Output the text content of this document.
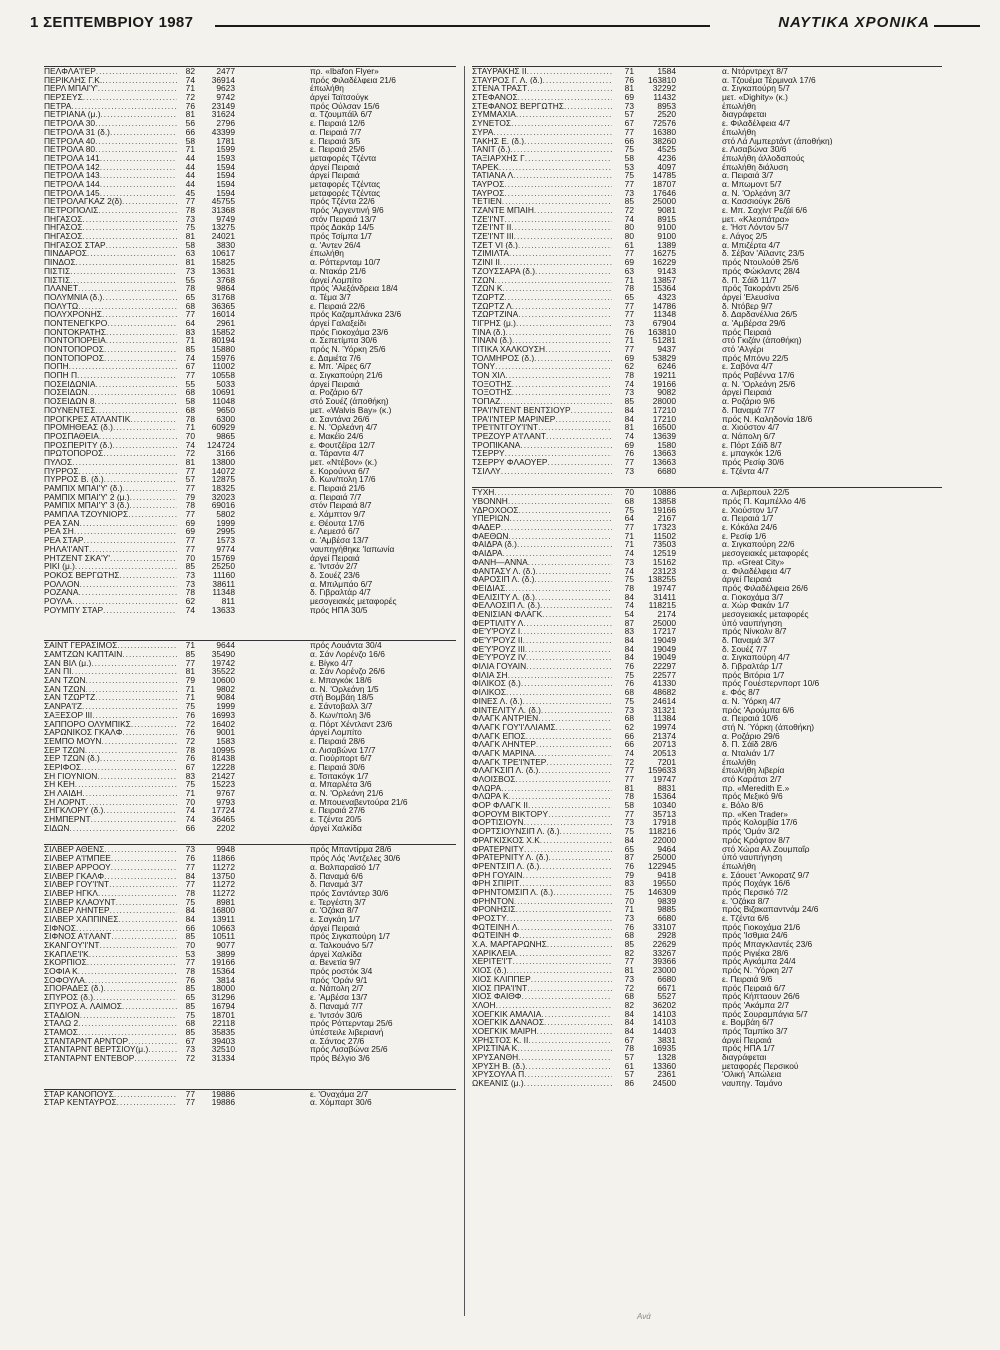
1 ΣΕΠΤΕΜΒΡΙΟΥ 1987	ΝΑΥΤΙΚΑ ΧΡΟΝΙΚΑ
ΠΕΛΦΛΑ'Ι'ΕΡ .....	82	2477	πρ. «Ibafon Flyer»
ΠΕΡΙΚΛΗΣ Γ.Κ. .....	74	36914	πρός Φιλαδέλφεια 21/6
ΠΕΡΛ ΜΠΑΙ'Υ' .....	71	9623	έπωλήθη
ΠΕΡΣΕΥΣ .....	72	9742	άργεί Ταϊτσούγκ
ΠΕΤΡΑ .....	76	23149	πρός Ούλσαν 15/6
ΠΕΤΡΙΑΝΑ (μ.) .....	81	31624	α. Τζουμπάϊλ 6/7
ΠΕΤΡΟΛΑ 30 .....	56	2796	ε. Πειραιά 12/6
ΠΕΤΡΟΛΑ 31 (δ.) .....	66	43399	α. Πειραιά 7/7
ΠΕΤΡΟΛΑ 40 .....	58	1781	ε. Πειραιά 3/5
ΠΕΤΡΟΛΑ 80 .....	71	1599	ε. Πειραιά 25/6
ΠΕΤΡΟΛΑ 141 .....	44	1593	μεταφορές Τζέντα
ΠΕΤΡΟΛΑ 142 .....	44	1594	άργεί Πειραιά
ΠΕΤΡΟΛΑ 143 .....	44	1594	άργεί Πειραιά
ΠΕΤΡΟΛΑ 144 .....	44	1594	μεταφορές Τζέντας
ΠΕΤΡΟΛΑ 145 .....	45	1594	μεταφορές Τζέντας
ΠΕΤΡΟΛΑΓΚΑΖ 2(δ) .....	77	45755	πρός Τζέντα 22/6
ΠΕΤΡΟΠΟΛΙΣ .....	78	31368	πρός 'Αργεντινή 9/6
ΠΗΓΑΣΟΣ .....	73	9749	στόν Πειραιά 13/7
ΠΗΓΑΣΟΣ .....	75	13275	πρός Δακάρ 14/5
ΠΗΓΑΣΟΣ .....	81	24021	πρός Τσίμπα 1/7
ΠΗΓΑΣΟΣ ΣΤΑΡ .....	58	3830	α. 'Αντεν 26/4
ΠΙΝΔΑΡΟΣ .....	63	10617	έπωλήθη
ΠΙΝΔΟΣ .....	81	15825	α. Ρόττερνταμ 10/7
ΠΙΣΤΙΣ .....	73	13631	α. Ντακάρ 21/6
ΠΙΣΤΙΣ .....	55	3768	άργεί Λομπίτο
ΠΛΑΝΕΤ .....	78	9864	πρός 'Αλεξάνδρεια 18/4
ΠΟΛΥΜΝΙΑ (δ.) .....	65	31768	α. Τέμα 3/7
ΠΟΛΥΤΩ .....	68	36365	ε. Πειραιά 22/6
ΠΟΛΥΧΡΟΝΗΣ .....	77	16014	πρός Καζαμπλάνκα 23/6
ΠΟΝΤΕΝΕΓΚΡΟ .....	64	2961	άργεί Γαλαξείδι
ΠΟΝΤΟΚΡΑΤΗΣ .....	83	15852	πρός Γιοκοχάμα 23/6
ΠΟΝΤΟΠΟΡΕΙΑ .....	71	80194	α. Σεπετίμπα 30/6
ΠΟΝΤΟΠΟΡΟΣ .....	85	15880	πρός Ν. Ύόρκη 25/6
ΠΟΝΤΟΠΟΡΟΣ .....	74	15976	ε. Δαμιέτα 7/6
ΠΟΠΗ .....	67	11002	ε. Μπ. 'Αϊρες 6/7
ΠΟΠΗ Π .....	77	10558	α. Σιγκαπούρη 21/6
ΠΟΣΕΙΔΩΝΙΑ .....	55	5033	άργεί Πειραιά
ΠΟΣΕΙΔΩΝ .....	68	10691	α. Ροζάριο 6/7
ΠΟΣΕΙΔΩΝ 8 .....	58	11048	στό Σουέζ (άποθήκη)
ΠΟΥΝΕΝΤΕΣ .....	68	9650	μετ. «Walvis Bay» (κ.)
ΠΡΟΓΚΡΕΣ ΑΤΛΑΝΤΙΚ .....	78	6300	α. Σαντάνα 26/6
ΠΡΟΜΗΘΕΑΣ (δ.) .....	71	60929	ε. Ν. 'Ορλεάνη 4/7
ΠΡΟΣΠΑΘΕΙΑ .....	70	9865	ε. Μακέϊο 24/6
ΠΡΟΣΠΕΡΙΤΥ (δ.) .....	74	124724	ε. Φουτζέϊρα 12/7
ΠΡΩΤΟΠΟΡΟΣ .....	72	3166	α. Τάραντα 4/7
ΠΥΛΟΣ .....	81	13800	μετ. «Ντέβον» (κ.)
ΠΥΡΡΟΣ .....	77	14072	ε. Κορούννα 6/7
ΠΥΡΡΟΣ Β. (δ.) .....	57	12875	δ. Κων/πολη 17/6
ΡΑΜΠΙΧ ΜΠΑΙ'Υ' (δ.) .....	77	18325	ε. Πειραιά 21/6
ΡΑΜΠΙΧ ΜΠΑΙ'Υ' 2 (μ.) .....	79	32023	α. Πειραιά 7/7
ΡΑΜΠΙΧ ΜΠΑΙ'Υ' 3 (δ.) .....	78	69016	στόν Πειραιά 8/7
ΡΑΜΠΛΑ ΤΖΟΥΝΙΟΡΣ .....	77	5802	ε. Χάμπτον 9/7
ΡΕΑ ΣΑΝ .....	69	1999	ε. Θέουτα 17/6
ΡΕΑ ΣΗ .....	69	2995	ε. Λεμεσό 6/7
ΡΕΑ ΣΤΑΡ .....	77	1573	α. 'Αμβέσα 13/7
ΡΗΛΑ'Ι'ΑΝΤ .....	77	9774	ναυπηγήθηκε 'Ιαπωνία
ΡΗΤΖΕΝΤ ΣΚΑ'Υ' .....	70	15769	άργεί Πειραιά
ΡΙΚΙ (μ.) .....	85	25250	ε. 'Ιντσόν 2/7
ΡΟΚΟΣ ΒΕΡΓΩΤΗΣ .....	73	11160	δ. Σουέζ 23/6
ΡΟΛΛΟΝ .....	73	38611	α. Μπιλμπάο 6/7
ΡΟΖΑΝΑ .....	78	11348	δ. Γιβραλτάρ 4/7
ΡΟΥΛΑ .....	62	811	μεσογειακές μεταφορές
ΡΟΥΜΠΥ ΣΤΑΡ .....	74	13633	πρός ΗΠΑ 30/5
ΣΑΙΝΤ ΓΕΡΑΣΙΜΟΣ .....	71	9644	πρός Λουάντα 30/4
ΣΑΜΤΖΩΝ ΚΑΠΤΑΙΝ .....	85	35490	α. Σάν Λορένζο 16/6
ΣΑΝ ΒΙΛ (μ.) .....	77	19742	ε. Βίγκο 4/7
ΣΑΝ ΠΙ .....	81	35522	α. Σάν Λορένζο 26/6
ΣΑΝ ΤΖΩΝ .....	79	10600	ε. Μπαγκόκ 18/6
ΣΑΝ ΤΖΩΝ .....	71	9802	α. Ν. 'Ορλεάνη 1/5
ΣΑΝ ΤΖΩΡΤΖ .....	71	9084	στή Βομβάη 18/5
ΣΑΝΡΑ'Ι'Ζ .....	75	1999	ε. Σάντοβαλλ 3/7
ΣΑΞΕΣΟΡ ΙΙΙ .....	76	16993	δ. Κων/πολη 3/6
ΣΑΠΠΟΡΟ ΟΛΥΜΠΙΚΣ .....	72	16402	α. Πόρτ Χέντλαντ 23/6
ΣΑΡΩΝΙΚΟΣ ΓΚΑΛΦ .....	76	9001	άργεί Λομπίτο
ΣΕΜΠΟ ΜΟΥΝ .....	72	1583	ε. Πειραιά 28/6
ΣΕΡ ΤΖΩΝ .....	78	10995	α. Λισαβώνα 17/7
ΣΕΡ ΤΖΩΝ (δ.) .....	76	81438	α. Γιούρπορτ 6/7
ΣΕΡΙΦΟΣ .....	67	12228	ε. Πειραιά 30/6
ΣΗ ΓΙΟΥΝΙΟΝ .....	83	21427	ε. Τσιτακόγκ 1/7
ΣΗ ΚΕΗ .....	75	15223	α. Μπαρλέτα 3/6
ΣΗ ΛΑΙΔΗ .....	71	9767	α. Ν. 'Ορλεάνη 21/6
ΣΗ ΛΟΡΝΤ .....	70	9793	α. Μπουεναβεντούρα 21/6
ΣΗΓΚΛΟΡΥ (δ.) .....	74	17724	ε. Πειραιά 27/6
ΣΗΜΠΕΡΝΤ .....	74	36465	ε. Τζέντα 20/5
ΣΙΔΩΝ .....	66	2202	άργεί Χαλκίδα
ΣΙΛΒΕΡ ΑΘΕΝΣ .....	73	9948	πρός Μπαντίρμα 28/6
ΣΙΛΒΕΡ Α'Ι'ΜΠΕΕ .....	76	11866	πρός Λός 'Αντζελες 30/6
ΣΙΛΒΕΡ ΑΡΡΟΟΥ .....	77	11272	α. Βαλπαραϊσό 1/7
ΣΙΛΒΕΡ ΓΚΑΛΦ .....	84	13750	δ. Παναμά 6/6
ΣΙΛΒΕΡ ΓΟΥ'Ι'ΝΤ .....	77	11272	δ. Παναμά 3/7
ΣΙΛΒΕΡ ΗΓΚΛ .....	78	11272	πρός Σαντάντερ 30/6
ΣΙΛΒΕΡ ΚΛΑΟΥΝΤ .....	75	8981	ε. Τεργέστη 3/7
ΣΙΛΒΕΡ ΛΗΝΤΕΡ .....	84	16800	α. 'Οζάκα 8/7
ΣΙΛΒΕΡ ΧΑΠΠΙΝΕΣ .....	84	13911	ε. Σαγκάη 1/7
ΣΙΦΝΟΣ .....	66	10663	άργεί Πειραιά
ΣΙΦΝΟΣ Α'Ι'ΛΑΝΤ .....	85	10511	πρός Σιγκαπούρη 1/7
ΣΚΑΝΓΟΥ'Ι'ΝΤ .....	70	9077	α. Ταλκουάνο 5/7
ΣΚΑΠΛΕ'Ι'Κ .....	53	3899	άργεί Χαλκίδα
ΣΚΟΡΠΙΟΣ .....	77	19166	α. Βενετία 9/7
ΣΟΦΙΑ Κ .....	78	15364	πρός ροστόκ 3/4
ΣΟΦΟΥΛΑ .....	76	3814	πρός 'Οράν 9/1
ΣΠΟΡΑΔΕΣ (δ.) .....	85	18000	α. Νάπολη 2/7
ΣΠΥΡΟΣ (δ.) .....	65	31296	ε. 'Αμβέσα 13/7
ΣΠΥΡΟΣ Α. ΛΑΙΜΟΣ .....	85	16794	δ. Παναμά 7/7
ΣΤΑΔΙΟΝ .....	75	18701	ε. 'Ιντσόν 30/6
ΣΤΑΛΩ 2 .....	68	22118	πρός Ρόττερνταμ 25/6
ΣΤΑΜΟΣ .....	85	35835	ύπέστειλε λιβεριανή
ΣΤΑΝΤΑΡΝΤ ΑΡΝΤΟΡ .....	67	39403	α. Σάντος 27/6
ΣΤΑΝΤΑΡΝΤ ΒΕΡΤΣΙΟΥ(μ.) .....	73	32510	πρός Λισαβώνα 25/6
ΣΤΑΝΤΑΡΝΤ ΕΝΤΕΒΟΡ .....	72	31334	πρός Βέλγιο 3/6
ΣΤΑΡ ΚΑΝΟΠΟΥΣ .....	77	19886	ε. 'Οναχάμα 2/7
ΣΤΑΡ ΚΕΝΤΑΥΡΟΣ .....	77	19886	α. Χόμπαρτ 30/6
ΣΤΑΥΡΑΚΗΣ ΙΙ .....	71	1584	α. Ντόρντρεχτ 8/7
ΣΤΑΥΡΟΣ Γ. Λ. (δ.) .....	76	163810	α. Τζουέμα Τέρμιναλ 17/6
ΣΤΕΝΑ ΤΡΑΣΤ .....	81	32292	α. Σιγκαπούρη 5/7
ΣΤΕΦΑΝΟΣ .....	69	11432	μετ. «Dighity» (κ.)
ΣΤΕΦΑΝΟΣ ΒΕΡΓΩΤΗΣ .....	73	8953	έπωλήθη
ΣΥΜΜΑΧΙΑ .....	57	2520	διαγράφεται
ΣΥΝΕΤΟΣ .....	67	72576	ε. Φιλαδέλφεια 4/7
ΣΥΡΑ .....	77	16380	έπωλήθη
ΤΑΚΗΣ Ε. (δ.) .....	66	38260	στό Λά Λιμπερτάντ (άποθήκη)
ΤΑΝΙΤ (δ.) .....	75	4525	ε. Λισαβώνα 30/6
ΤΑΞΙΑΡΧΗΣ Γ .....	58	4236	έπωλήθη άλλοδαπούς
ΤΑΡΕΚ .....	53	4097	έπωλήθη διάλυση
ΤΑΤΙΑΝΑ Λ .....	75	14785	α. Πειραιά 3/7
ΤΑΥΡΟΣ .....	77	18707	α. Μπωμοντ 5/7
ΤΑΥΡΟΣ .....	73	17646	α. Ν. 'Ορλεάνη 3/7
ΤΕΤΙΕΝ .....	85	25000	α. Κασσιούγκ 26/6
ΤΖΑΝΤΕ ΜΠΑΙΗ .....	72	9081	ε. Μπ. Σαχίντ Ρεζάϊ 6/6
ΤΖΕ'Ι'ΝΤ .....	74	8915	μετ. «Κλεοπάτρα»
ΤΖΕ'Ι'ΝΤ ΙΙ .....	80	9100	ε. 'Ηστ Λόντον 5/7
ΤΖΕ'Ι'ΝΤ ΙΙΙ .....	80	9100	ε. Λάγος 2/5
ΤΖΕΤ VI (δ.) .....	61	1389	α. Μπιζέρτα 4/7
ΤΖΙΜΙΛΤΑ .....	77	16275	δ. Σέβαν 'Αϊλαντς 23/5
ΤΖΙΝΙ ΙΙ .....	69	16229	πρός Ντουλούθ 25/6
ΤΖΟΥΣΣΑΡΑ (δ.) .....	63	9143	πρός Φώκλαντς 28/4
ΤΖΩΝ .....	71	13857	δ. Π. Σάϊδ 11/7
ΤΖΩΝ Κ .....	78	15364	πρός Τακοράντι 25/6
ΤΖΩΡΤΖ .....	65	4323	άργεί 'Ελευσίνα
ΤΖΩΡΤΖ Λ .....	77	14786	δ. Ντόβερ 9/7
ΤΖΩΡΤΖΙΝΑ .....	77	11348	δ. Δαρδανέλλια 26/5
ΤΙΓΡΗΣ (μ.) .....	73	67904	α. 'Αμβέρσα 29/6
ΤΙΝΑ (δ.) .....	76	163810	πρός Πειραιά
ΤΙΝΑΝ (δ.) .....	71	51281	στό Γκιζάν (άποθήκη)
ΤΙΤΙΚΑ ΧΑΛΚΟΥΣΗ .....	77	9437	στό 'Αλγέρι
ΤΟΛΜΗΡΟΣ (δ.) .....	69	53829	πρός Μπόνυ 22/5
ΤΟΝΥ .....	62	6246	ε. Σαβόνα 4/7
ΤΟΝ ΧΙΛ .....	78	19211	πρός Ραβέννα 17/6
ΤΟΞΟΤΗΣ .....	74	19166	α. Ν. 'Ορλεάνη 25/6
ΤΟΞΟΤΗΣ .....	73	9082	άργεί Πειραιά
ΤΟΠΑΖ .....	85	28000	α. Ροζάριο 9/6
ΤΡΑ'Ι'ΝΤΕΝΤ ΒΕΝΤΣΙΟΥΡ .....	84	17210	δ. Παναμά 7/7
ΤΡΑ'Ι'ΝΤΕΡ ΜΑΡΙΝΕΡ .....	84	17210	πρός Ν. Καληδονία 18/6
ΤΡΕ'Ι'ΝΤΓΟΥ'Ι'ΝΤ .....	81	16500	α. Χιούστον 4/7
ΤΡΕΖΟΥΡ Α'Ι'ΛΑΝΤ .....	74	13639	α. Νάπολη 6/7
ΤΡΟΠΙΚΑΝΑ .....	69	1580	ε. Πόρτ Σάϊδ 8/7
ΤΣΕΡΡΥ .....	76	13663	ε. μπαγκόκ 12/6
ΤΣΕΡΡΥ ΦΛΑΟΥΕΡ .....	77	13663	πρός Ρεσίφ 30/6
ΤΣΙΛΛΥ .....	73	6680	ε. Τζέντα 4/7
ΤΥΧΗ .....	70	10886	α. Λιβερπουλ 22/5
ΥΒΟΝΝΗ .....	68	13858	πρός Π. Καμπέλλο 4/6
ΥΔΡΟΧΟΟΣ .....	75	19166	ε. Χιούστον 1/7
ΥΠΕΡΙΩΝ .....	64	2167	α. Πειραιά 1/7
ΦΑΔΕΡ .....	77	17323	ε. Κόκάλα 24/6
ΦΑΕΘΩΝ .....	71	11502	ε. Ρεσίφ 1/6
ΦΑΙΔΡΑ (δ.) .....	71	73503	α. Σιγκαπούρη 22/6
ΦΑΙΔΡΑ .....	74	12519	μεσογειακές μεταφορές
ΦΑΝΗ—ΑΝΝΑ .....	73	15162	πρ. «Great City»
ΦΑΝΤΑΣΥ Λ. (δ.) .....	74	23123	α. Φιλαδέλφεια 4/7
ΦΑΡΟΣΙΠ Λ. (δ.) .....	75	138255	άργεί Πειραιά
ΦΕΙΔΙΑΣ .....	78	19747	πρός Φιλαδέλφεια 26/6
ΦΕΛΙΣΙΤΥ Λ. (δ.) .....	84	31411	α. Γιοκοχάμα 3/7
ΦΕΛΛΟΣΙΠ Λ. (δ.) .....	74	118215	α. Χώρ Φακάν 1/7
ΦΕΝΙΣΙΑΝ ΦΛΑΓΚ .....	54	2174	μεσογειακές μεταφορές
ΦΕΡΤΙΛΙΤΥ Λ .....	87	25000	ύπό ναυπήγηση
ΦΕ'Υ'ΡΟΥΖ Ι .....	83	17217	πρός Νίνκολν 8/7
ΦΕ'Υ'ΡΟΥΖ ΙΙ .....	84	19049	δ. Παναμά 3/7
ΦΕ'Υ'ΡΟΥΖ ΙΙΙ .....	84	19049	δ. Σουέζ 7/7
ΦΕ'Υ'ΡΟΥΖ IV .....	84	19049	α. Σιγκαπούρη 4/7
ΦΙΛΙΑ ΓΟΥΑΙΝ .....	76	22297	δ. Γιβραλτάρ 1/7
ΦΙΛΙΑ ΣΗ .....	75	22577	πρός Βιτόρια 1/7
ΦΙΛΙΚΟΣ (δ.) .....	76	41330	πρός Γουέστερνπορτ 10/6
ΦΙΛΙΚΟΣ .....	68	48682	ε. Φός 8/7
ΦΙΝΕΣ Λ. (δ.) .....	75	24614	α. Ν. Ύόρκη 4/7
ΦΙΝΤΕΛΙΤΥ Λ. (δ.) .....	73	31321	πρός 'Αρούμπα 6/6
ΦΛΑΓΚ ΑΝΤΡΙΕΝ .....	68	11384	α. Πειραιά 10/6
ΦΛΑΓΚ ΓΟΥ'Ι'ΛΛΙΑΜΣ .....	62	19974	στή Ν. Ύόρκη (άποθήκη)
ΦΛΑΓΚ ΕΠΟΣ .....	66	21374	α. Ροζάριο 29/6
ΦΛΑΓΚ ΛΗΝΤΕΡ .....	66	20713	δ. Π. Σάϊδ 28/6
ΦΛΑΓΚ ΜΑΡΙΝΑ .....	74	20513	α. Νταλιάν 1/7
ΦΛΑΓΚ ΤΡΕ'Ι'ΝΤΕΡ .....	72	7201	έπωλήθη
ΦΛΑΓΚΣΙΠ Λ. (δ.) .....	77	159633	έπωλήθη λιβερία
ΦΛΟΙΣΒΟΣ .....	77	19747	στό Καράτσι 2/7
ΦΛΩΡΑ .....	81	8831	πρ. «Meredith E.»
ΦΛΩΡΑ Κ .....	78	15364	πρός Μεξικό 9/6
ΦΟΡ ΦΛΑΓΚ ΙΙ .....	58	10340	ε. Βόλο 8/6
ΦΟΡΟΥΜ ΒΙΚΤΟΡΥ .....	77	35713	πρ. «Ken Trader»
ΦΟΡΤΙΣΙΟΥΝ .....	73	17918	πρός Κολομβία 17/6
ΦΟΡΤΣΙΟΥΝΣΙΠ Λ. (δ.) .....	75	118216	πρός 'Ομάν 3/2
ΦΡΑΓΚΙΣΚΟΣ Χ.Κ .....	84	22000	πρός Κρόφτον 8/7
ΦΡΑΤΕΡΝΙΤΥ .....	65	9464	στό Χώρα Αλ Ζουμπαΐρ
ΦΡΑΤΕΡΝΙΤΥ Λ. (δ.) .....	87	25000	ύπό ναυπήγηση
ΦΡΕΝΤΣΙΠ Λ. (δ.) .....	76	122945	έπωλήθη
ΦΡΗ ΓΟΥΑΙΝ .....	79	9418	ε. Σάουετ 'Ανκορατζ 9/7
ΦΡΗ ΣΠΙΡΙΤ .....	83	19550	πρός Ποχάγκ 16/6
ΦΡΗΝΤΟΜΣΙΠ Λ. (δ.) .....	75	146309	πρός Περσικό 7/2
ΦΡΗΝΤΟΝ .....	70	9839	ε. 'Οζάκα 8/7
ΦΡΟΝΗΣΙΣ .....	71	9885	πρός Βιζακαπαντνάμ 24/6
ΦΡΟΣΤΥ .....	73	6680	ε. Τζέντα 6/6
ΦΩΤΕΙΝΗ Λ .....	76	33107	πρός Γιοκοχάμα 21/6
ΦΩΤΕΙΝΗ Φ .....	68	2928	πρός 'Ισθμια 24/6
Χ.Α. ΜΑΡΓΑΡΩΝΗΣ .....	85	22629	πρός Μπαγκλαντές 23/6
ΧΑΡΙΚΛΕΙΑ .....	82	33267	πρός Ριγιέκα 28/6
ΧΕΡΙΤΕ'Ι'Τ .....	77	39366	πρός Αγκάμπα 24/4
ΧΙΟΣ (δ.) .....	81	23000	πρός Ν. Ύόρκη 2/7
ΧΙΟΣ ΚΛΙΠΠΕΡ .....	73	6680	ε. Πειραιά 9/6
ΧΙΟΣ ΠΡΑ'Ι'ΝΤ .....	72	6671	πρός Πειραιά 6/7
ΧΙΟΣ ΦΑΙΘΦ .....	68	5527	πρός Κήπταουν 26/6
ΧΛΟΗ .....	82	36202	πρός 'Ακάμπα 2/7
ΧΟΕΓΚΙΚ ΑΜΑΛΙΑ .....	84	14103	πρός Σουραμπάγια 5/7
ΧΟΕΓΚΙΚ ΔΑΝΑΟΣ .....	84	14103	ε. Βομβάη 6/7
ΧΟΕΓΚΙΚ ΜΑΙΡΗ .....	84	14403	πρός Ταμπίκο 3/7
ΧΡΗΣΤΟΣ Κ. ΙΙ .....	67	3831	άργεί Πειραιά
ΧΡΙΣΤΙΝΑ Κ .....	78	16935	πρός ΗΠΑ 1/7
ΧΡΥΣΑΝΘΗ .....	57	1328	διαγράφεται
ΧΡΥΣΗ Β. (δ.) .....	61	13360	μεταφορές Περσικού
ΧΡΥΣΟΥΛΑ Π .....	57	2361	'Ολική 'Απώλεια
ΩΚΕΑΝΙΣ (μ.) .....	86	24500	ναυπηγ. Ταμάνο
Ανά
